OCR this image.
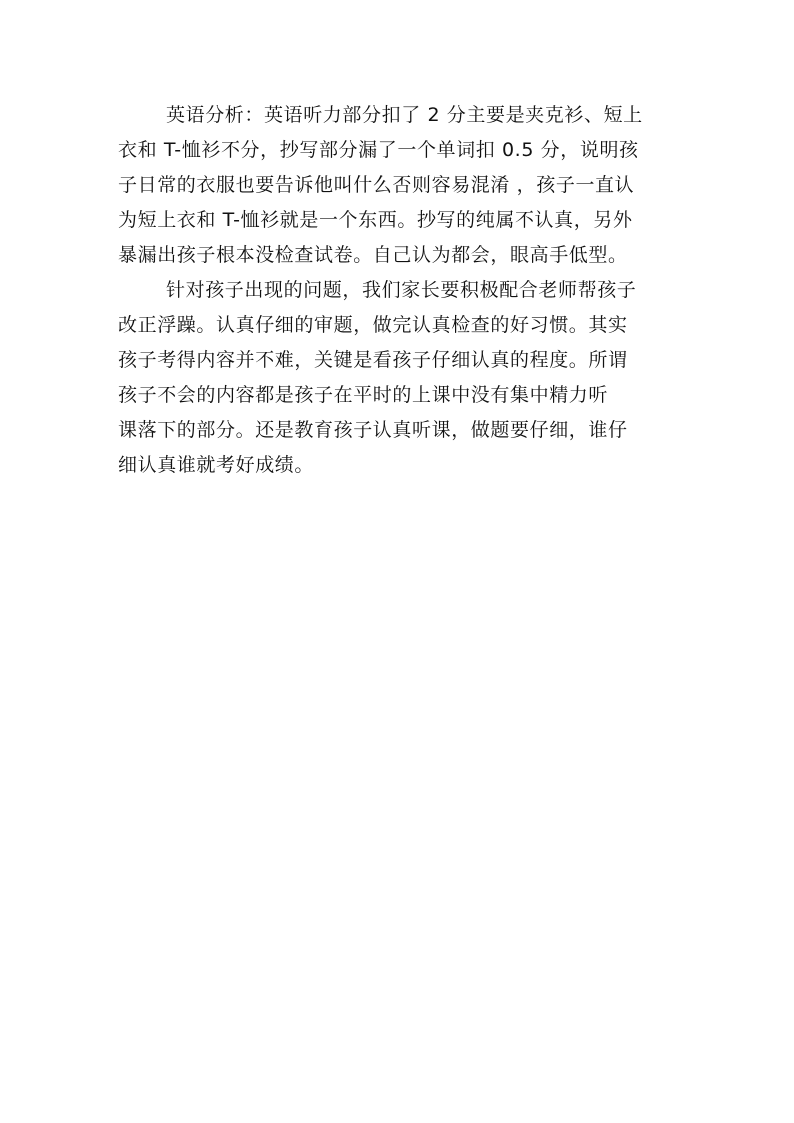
英语分析：英语听力部分扣了 2 分主要是夹克衫、短上
衣和 T-恤衫不分，抄写部分漏了一个单词扣 0.5 分，说明孩
子日常的衣服也要告诉他叫什么否则容易混淆 ，孩子一直认
为短上衣和 T-恤衫就是一个东西。抄写的纯属不认真，另外
暴漏出孩子根本没检查试卷。自己认为都会，眼高手低型。
针对孩子出现的问题，我们家长要积极配合老师帮孩子
改正浮躁。认真仔细的审题，做完认真检查的好习惯。其实
孩子考得内容并不难，关键是看孩子仔细认真的程度。所谓
孩子不会的内容都是孩子在平时的上课中没有集中精力听
课落下的部分。还是教育孩子认真听课，做题要仔细，谁仔
细认真谁就考好成绩。
